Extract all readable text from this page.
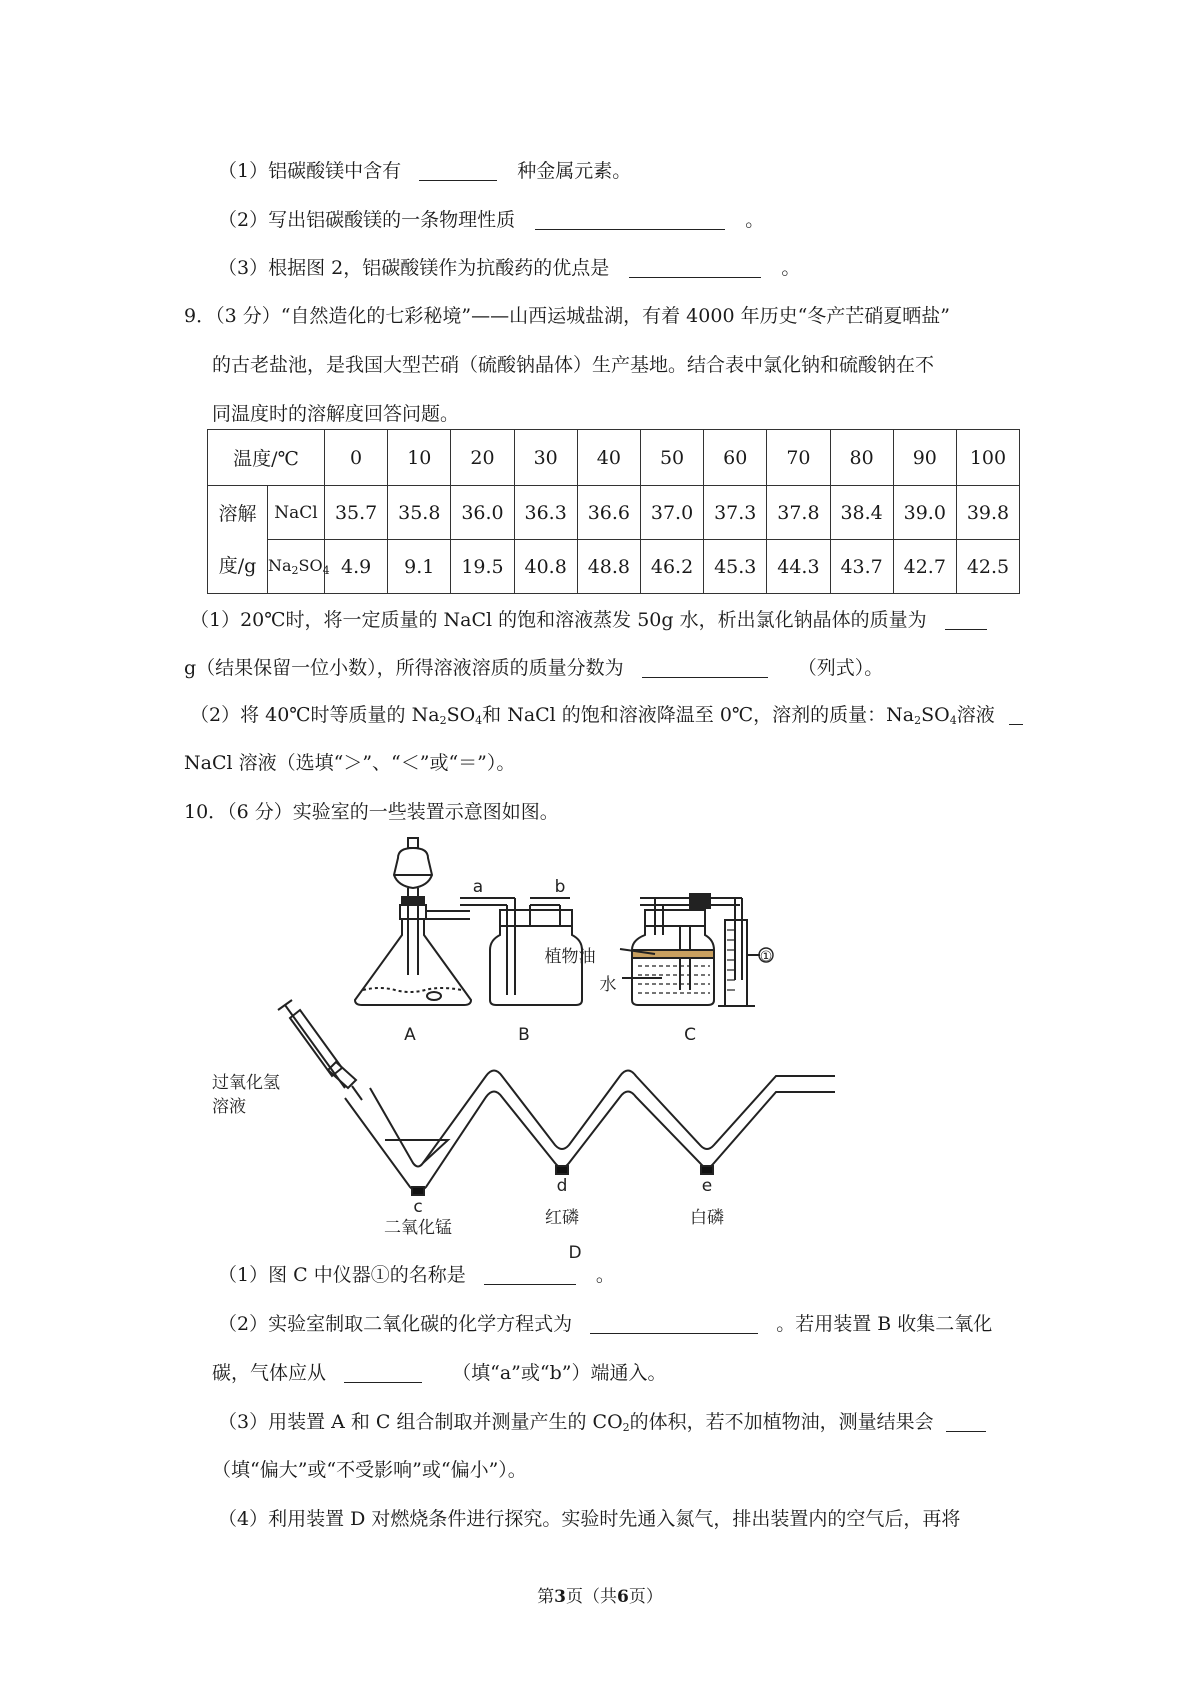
（1）铝碳酸镁中含有	种金属元素。
（2）写出铝碳酸镁的一条物理性质	。
（3）根据图 2，铝碳酸镁作为抗酸药的优点是	。
9．（3 分）“自然造化的七彩秘境”——山西运城盐湖，有着 4000 年历史“冬产芒硝夏晒盐”
的古老盐池，是我国大型芒硝（硫酸钠晶体）生产基地。结合表中氯化钠和硫酸钠在不
同温度时的溶解度回答问题。
温度/℃		0	10	20	30	40	50	60	70	80	90	100
溶解
度/g	NaCl	35.7	35.8	36.0	36.3	36.6	37.0	37.3	37.8	38.4	39.0	39.8
	$Na_2SO_4$	4.9	9.1	19.5	40.8	48.8	46.2	45.3	44.3	43.7	42.7	42.5
（1）20℃时，将一定质量的 NaCl 的饱和溶液蒸发 50g 水，析出氯化钠晶体的质量为
g（结果保留一位小数），所得溶液溶质的质量分数为	（列式）。
（2）将 40℃时等质量的 $Na_2SO_4$和 NaCl 的饱和溶液降温至 0℃，溶剂的质量：$Na_2SO_4$溶液
NaCl 溶液（选填“＞”、“＜”或“＝”）。
10．（6 分）实验室的一些装置示意图如图。
A	B	C
D
a	b
植物油
水
①
过氧化氢
溶液
c
d	e
二氧化锰	红磷	白磷
（1）图 C 中仪器①的名称是	。
（2）实验室制取二氧化碳的化学方程式为	。若用装置 B 收集二氧化
碳，气体应从	（填“a”或“b”）端通入。
（3）用装置 A 和 C 组合制取并测量产生的 $CO_2$的体积，若不加植物油，测量结果会
（填“偏大”或“不受影响”或“偏小”）。
（4）利用装置 D 对燃烧条件进行探究。实验时先通入氮气，排出装置内的空气后，再将
第3页（共6页）
